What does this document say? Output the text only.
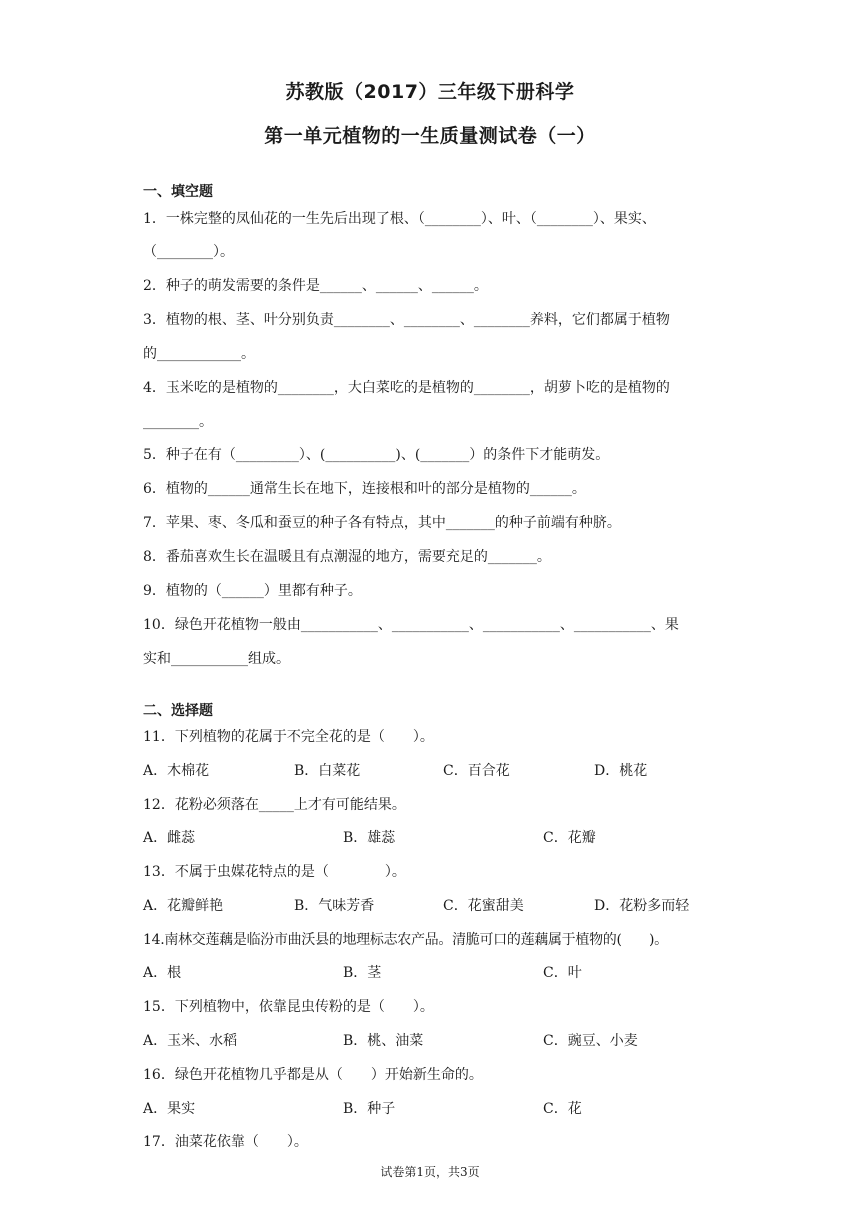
苏教版（2017）三年级下册科学
第一单元植物的一生质量测试卷（一）
一、填空题
1．一株完整的凤仙花的一生先后出现了根、（________）、叶、（________）、果实、
（________）。
2．种子的萌发需要的条件是______、______、______。
3．植物的根、茎、叶分别负责________、________、________养料，它们都属于植物
的____________。
4．玉米吃的是植物的________，大白菜吃的是植物的________，胡萝卜吃的是植物的
________。
5．种子在有（_________）、(__________)、(_______）的条件下才能萌发。
6．植物的______通常生长在地下，连接根和叶的部分是植物的______。
7．苹果、枣、冬瓜和蚕豆的种子各有特点，其中_______的种子前端有种脐。
8．番茄喜欢生长在温暖且有点潮湿的地方，需要充足的_______。
9．植物的（______）里都有种子。
10．绿色开花植物一般由___________、___________、___________、___________、果
实和___________组成。
二、选择题
11．下列植物的花属于不完全花的是（　　）。
A．木棉花	B．白菜花	C．百合花	D．桃花
12．花粉必须落在_____上才有可能结果。
A．雌蕊	B．雄蕊	C．花瓣
13．不属于虫媒花特点的是（　　　　）。
A．花瓣鲜艳	B．气味芳香	C．花蜜甜美	D．花粉多而轻
14.南林交莲藕是临汾市曲沃县的地理标志农产品。清脆可口的莲藕属于植物的(　　)。
A．根	B．茎	C．叶
15．下列植物中，依靠昆虫传粉的是（　　）。
A．玉米、水稻	B．桃、油菜	C．豌豆、小麦
16．绿色开花植物几乎都是从（　　）开始新生命的。
A．果实	B．种子	C．花
17．油菜花依靠（　　）。
试卷第1页，共3页
